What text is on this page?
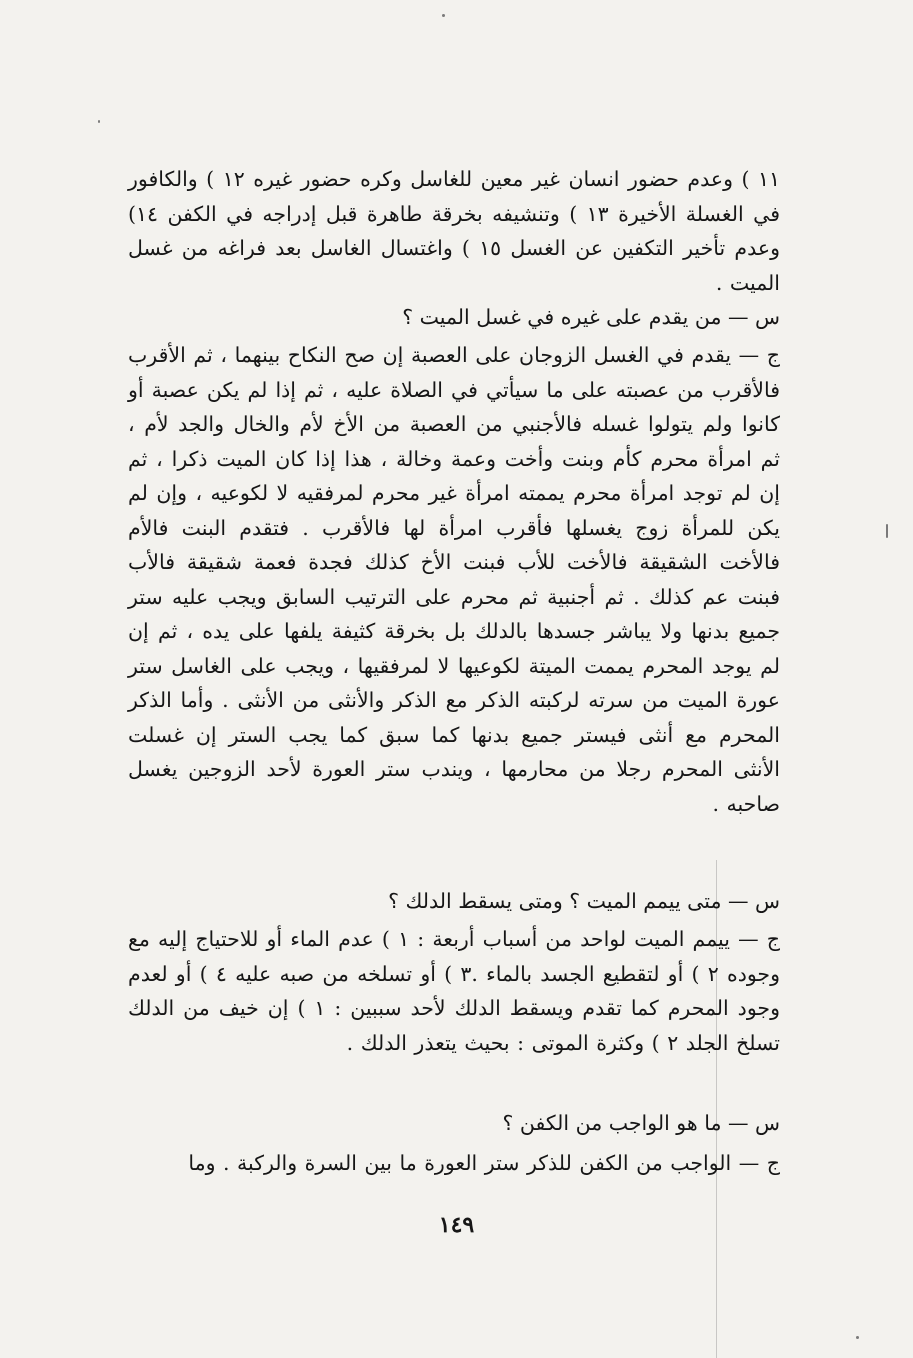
١١ ) وعدم حضور انسان غير معين للغاسل وكره حضور غيره ١٢ ) والكافور في الغسلة الأخيرة ١٣ ) وتنشيفه بخرقة طاهرة قبل إدراجه في الكفن ١٤) وعدم تأخير التكفين عن الغسل ١٥ ) واغتسال الغاسل بعد فراغه من غسل الميت .

س — من يقدم على غيره في غسل الميت ؟

ج — يقدم في الغسل الزوجان على العصبة إن صح النكاح بينهما ، ثم الأقرب فالأقرب من عصبته على ما سيأتي في الصلاة عليه ، ثم إذا لم يكن عصبة أو كانوا ولم يتولوا غسله فالأجنبي من العصبة من الأخ لأم والخال والجد لأم ، ثم امرأة محرم كأم وبنت وأخت وعمة وخالة ، هذا إذا كان الميت ذكرا ، ثم إن لم توجد امرأة محرم يممته امرأة غير محرم لمرفقيه لا لكوعيه ، وإن لم يكن للمرأة زوج يغسلها فأقرب امرأة لها فالأقرب . فتقدم البنت فالأم فالأخت الشقيقة فالأخت للأب فبنت الأخ كذلك فجدة فعمة شقيقة فالأب فبنت عم كذلك . ثم أجنبية ثم محرم على الترتيب السابق ويجب عليه ستر جميع بدنها ولا يباشر جسدها بالدلك بل بخرقة كثيفة يلفها على يده ، ثم إن لم يوجد المحرم يممت الميتة لكوعيها لا لمرفقيها ، ويجب على الغاسل ستر عورة الميت من سرته لركبته الذكر مع الذكر والأنثى من الأنثى . وأما الذكر المحرم مع أنثى فيستر جميع بدنها كما سبق كما يجب الستر إن غسلت الأنثى المحرم رجلا من محارمها ، ويندب ستر العورة لأحد الزوجين يغسل صاحبه .

س — متى ييمم الميت ؟ ومتى يسقط الدلك ؟

ج — ييمم الميت لواحد من أسباب أربعة : ١ ) عدم الماء أو للاحتياج إليه مع وجوده ٢ ) أو لتقطيع الجسد بالماء .٣ ) أو تسلخه من صبه عليه ٤ ) أو لعدم وجود المحرم كما تقدم ويسقط الدلك لأحد سببين : ١ ) إن خيف من الدلك تسلخ الجلد ٢ ) وكثرة الموتى : بحيث يتعذر الدلك .

س — ما هو الواجب من الكفن ؟

ج — الواجب من الكفن للذكر ستر العورة ما بين السرة والركبة . وما

١٤٩
